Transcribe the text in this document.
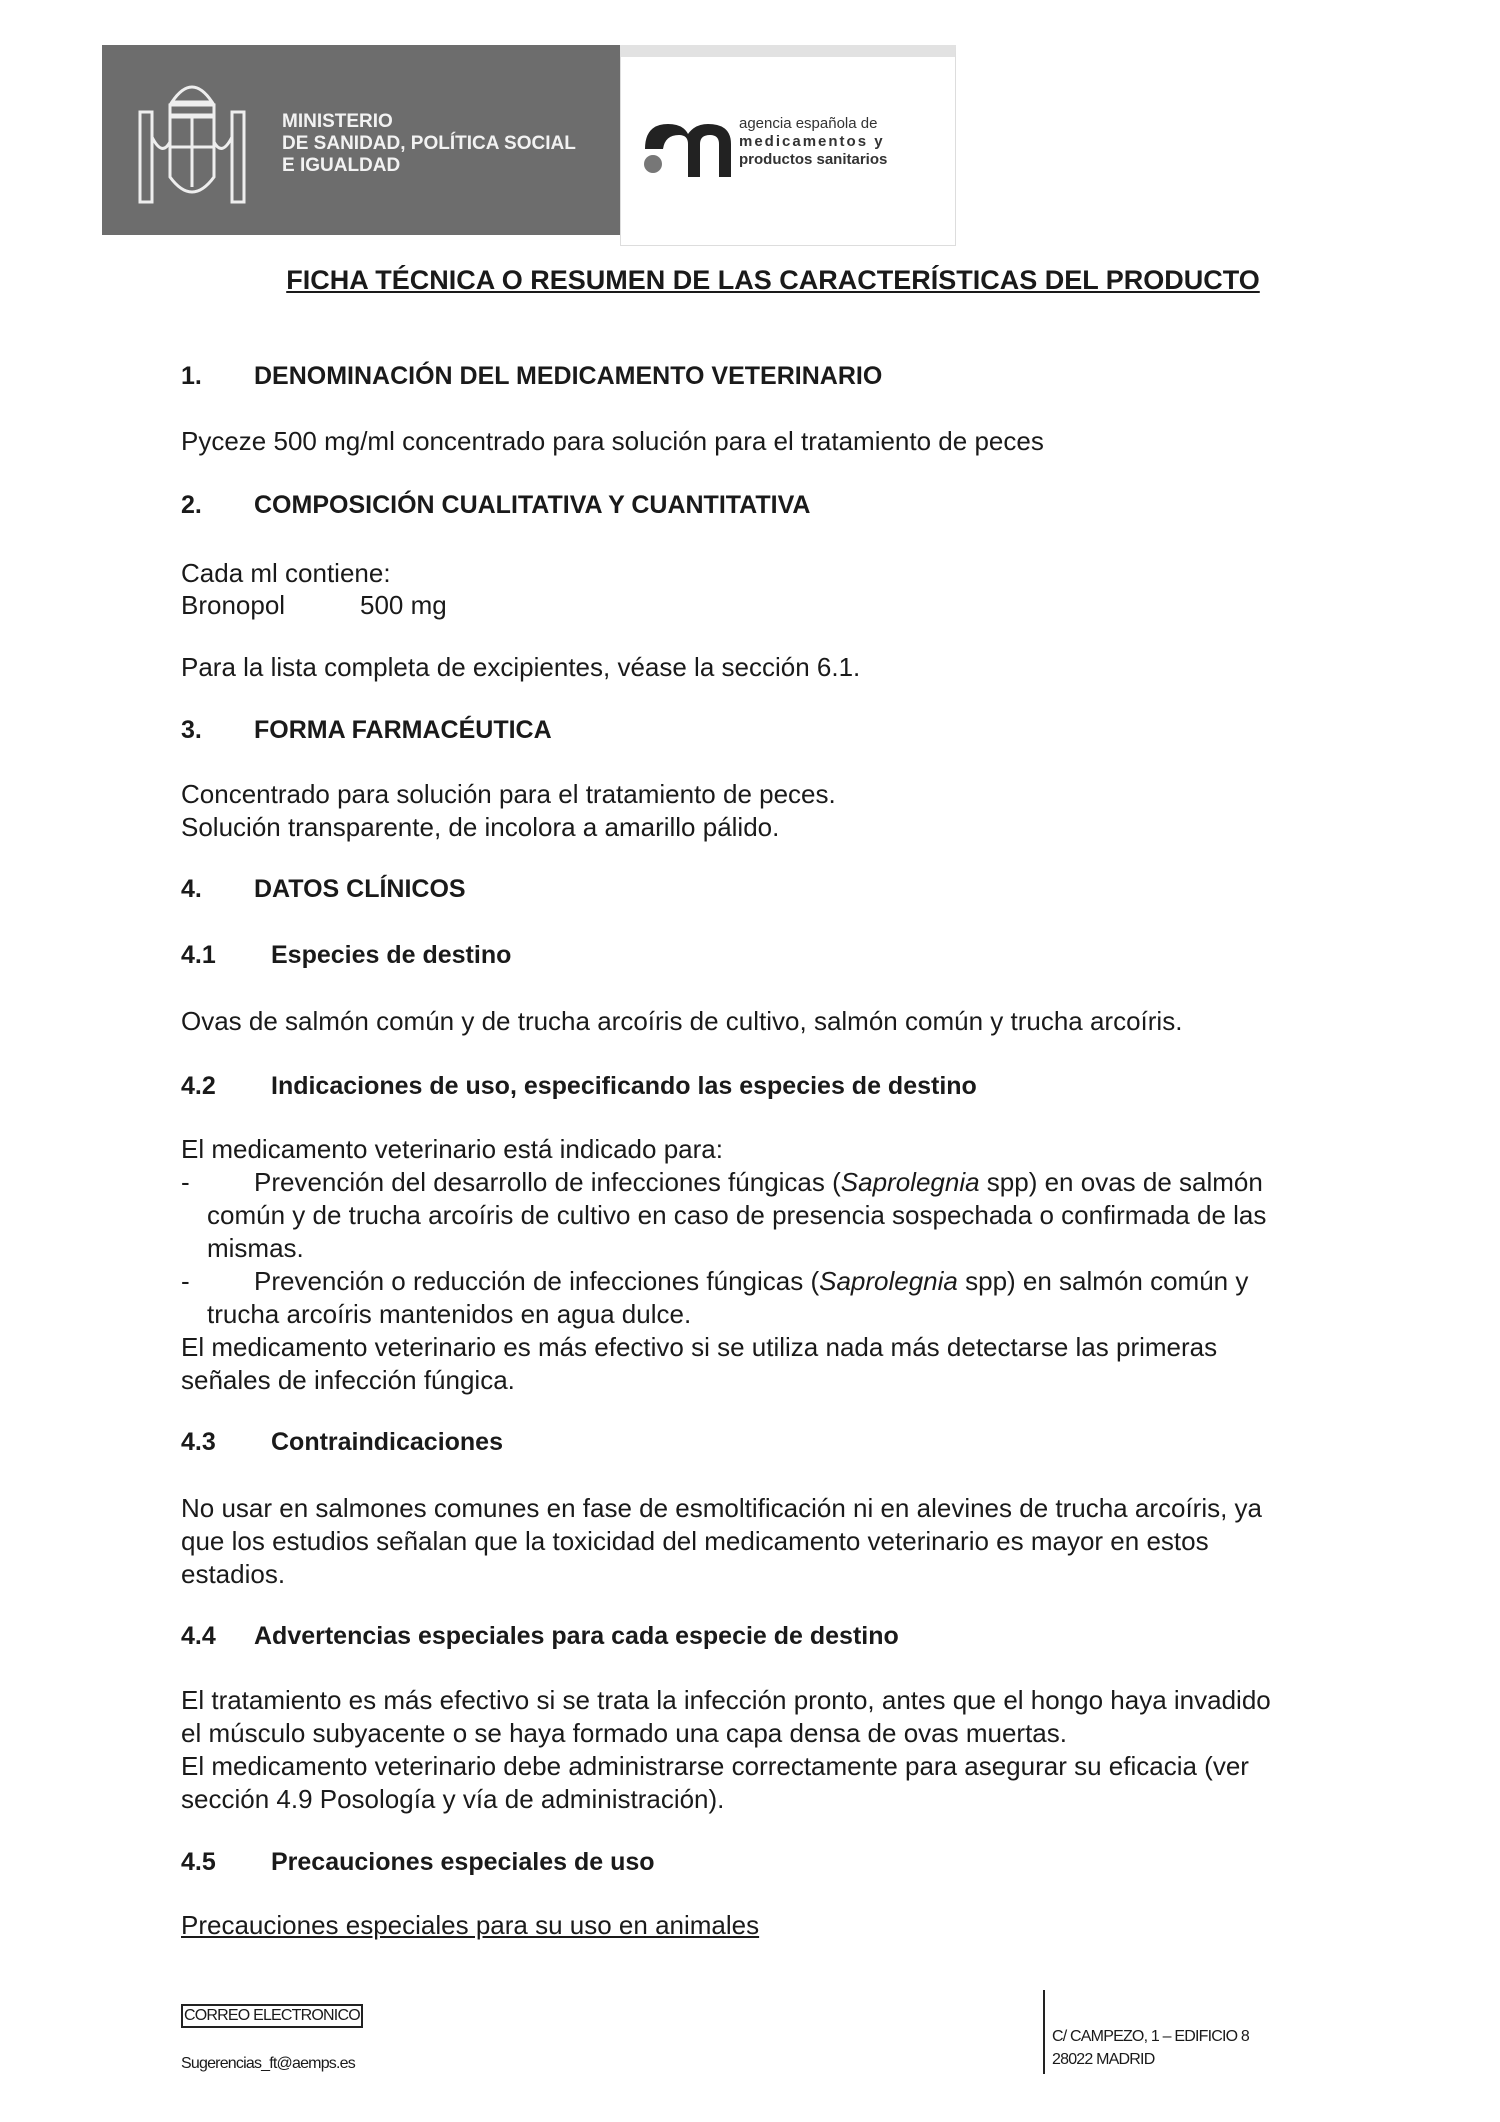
MINISTERIO
DE SANIDAD, POLÍTICA SOCIAL
E IGUALDAD
agencia española de
medicamentos y
productos sanitarios
FICHA TÉCNICA O RESUMEN DE LAS CARACTERÍSTICAS DEL PRODUCTO
1. DENOMINACIÓN DEL MEDICAMENTO VETERINARIO
Pyceze 500 mg/ml concentrado para solución para el tratamiento de peces
2. COMPOSICIÓN CUALITATIVA Y CUANTITATIVA
Cada ml contiene:
Bronopol	500 mg
Para la lista completa de excipientes, véase la sección 6.1.
3. FORMA FARMACÉUTICA
Concentrado para solución para el tratamiento de peces.
Solución transparente, de incolora a amarillo pálido.
4. DATOS CLÍNICOS
4.1 Especies de destino
Ovas de salmón común y de trucha arcoíris de cultivo, salmón común y trucha arcoíris.
4.2 Indicaciones de uso, especificando las especies de destino
El medicamento veterinario está indicado para:
- Prevención del desarrollo de infecciones fúngicas (Saprolegnia spp) en ovas de salmón
común y de trucha arcoíris de cultivo en caso de presencia sospechada o confirmada de las
mismas.
- Prevención o reducción de infecciones fúngicas (Saprolegnia spp) en salmón común y
trucha arcoíris mantenidos en agua dulce.
El medicamento veterinario es más efectivo si se utiliza nada más detectarse las primeras
señales de infección fúngica.
4.3 Contraindicaciones
No usar en salmones comunes en fase de esmoltificación ni en alevines de trucha arcoíris, ya
que los estudios señalan que la toxicidad del medicamento veterinario es mayor en estos
estadios.
4.4 Advertencias especiales para cada especie de destino
El tratamiento es más efectivo si se trata la infección pronto, antes que el hongo haya invadido
el músculo subyacente o se haya formado una capa densa de ovas muertas.
El medicamento veterinario debe administrarse correctamente para asegurar su eficacia (ver
sección 4.9 Posología y vía de administración).
4.5 Precauciones especiales de uso
Precauciones especiales para su uso en animales
CORREO ELECTRONICO
Sugerencias_ft@aemps.es
C/ CAMPEZO, 1 – EDIFICIO 8
28022 MADRID
